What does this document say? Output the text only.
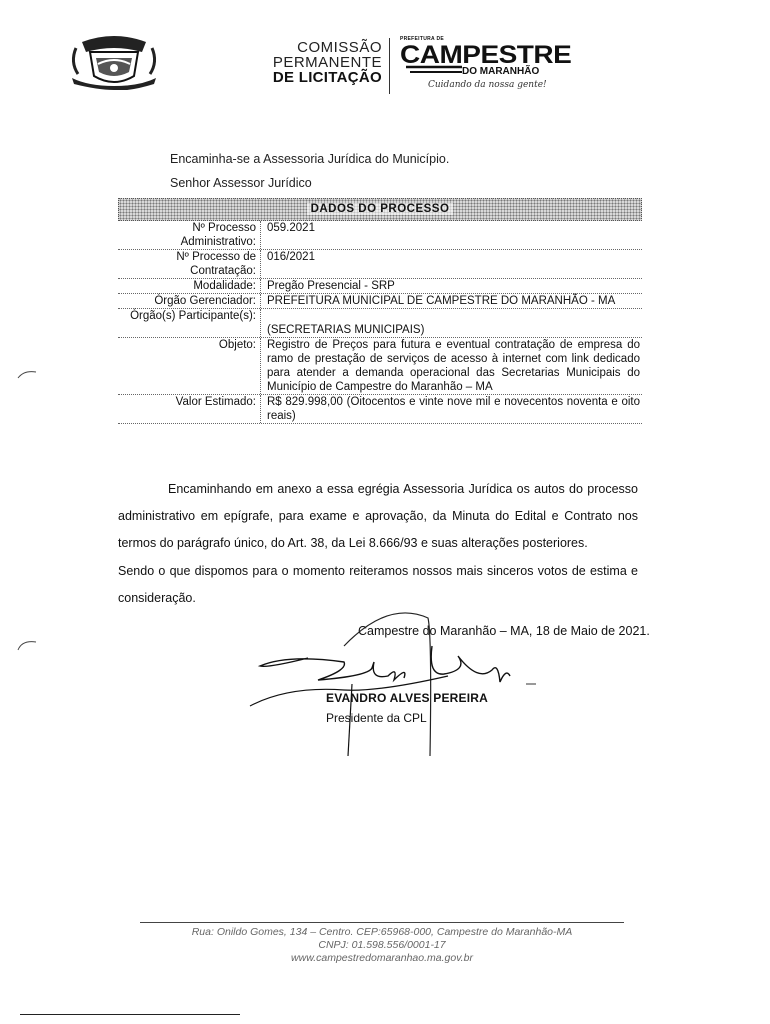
COMISSÃO
PERMANENTE
DE LICITAÇÃO
PREFEITURA DE
CAMPESTRE
DO MARANHÃO
Cuidando da nossa gente!
Encaminha-se a Assessoria Jurídica do Município.
Senhor Assessor Jurídico
DADOS DO PROCESSO
Nº Processo Administrativo:
059.2021
Nº Processo de Contratação:
016/2021
Modalidade: Pregão Presencial - SRP
Órgão Gerenciador: PREFEITURA MUNICIPAL DE CAMPESTRE DO MARANHÃO - MA
Órgão(s) Participante(s):
(SECRETARIAS MUNICIPAIS)
Objeto: Registro de Preços para futura e eventual contratação de empresa do ramo de prestação de serviços de acesso à internet com link dedicado para atender a demanda operacional das Secretarias Municipais do Município de Campestre do Maranhão – MA
Valor Estimado: R$ 829.998,00 (Oitocentos e vinte nove mil e novecentos noventa e oito reais)
Encaminhando em anexo a essa egrégia Assessoria Jurídica os autos do processo administrativo em epígrafe, para exame e aprovação, da Minuta do Edital e Contrato nos termos do parágrafo único, do Art. 38, da Lei 8.666/93 e suas alterações posteriores.
Sendo o que dispomos para o momento reiteramos nossos mais sinceros votos de estima e consideração.
Campestre do Maranhão – MA, 18 de Maio de 2021.
EVANDRO ALVES PEREIRA
Presidente da CPL
Rua: Onildo Gomes, 134 – Centro. CEP:65968-000, Campestre do Maranhão-MA
CNPJ: 01.598.556/0001-17
www.campestredomaranhao.ma.gov.br
